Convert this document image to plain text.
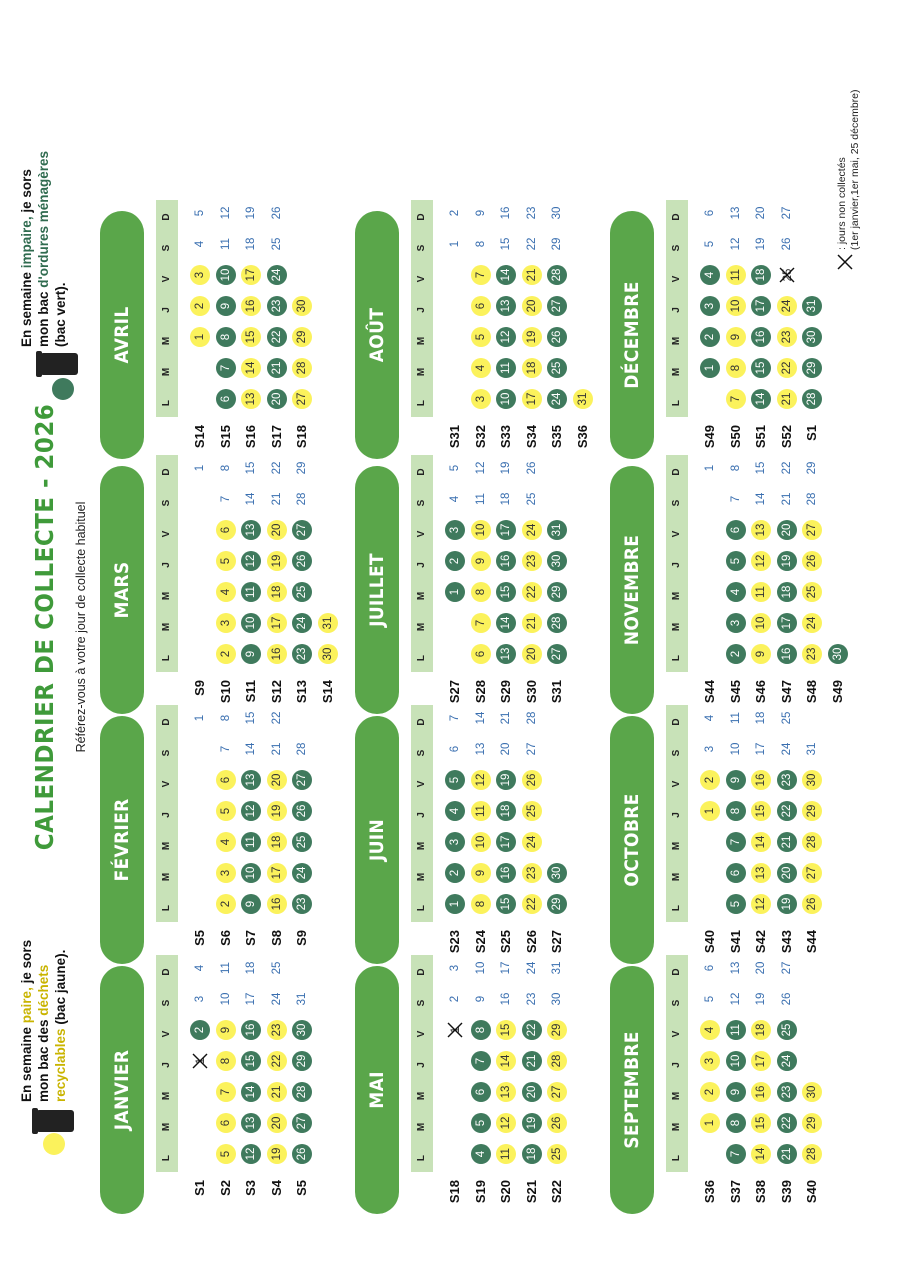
CALENDRIER DE COLLECTE - 2026 Référez-vous à votre jour de collecte habituel
En semaine paire, je sors mon bac des déchets recyclables (bac jaune).
En semaine impaire, je sors mon bac d'ordures ménagères (bac vert).
JANVIER
L
M
M
J
V
S
D
S1
1
2
3
4
S2
5
6
7
8
9
10
11
S3
12
13
14
15
16
17
18
S4
19
20
21
22
23
24
25
S5
26
27
28
29
30
31
FÉVRIER
L
M
M
J
V
S
D
S5
1
S6
2
3
4
5
6
7
8
S7
9
10
11
12
13
14
15
S8
16
17
18
19
20
21
22
S9
23
24
25
26
27
28
MARS
L
M
M
J
V
S
D
S9
1
S10
2
3
4
5
6
7
8
S11
9
10
11
12
13
14
15
S12
16
17
18
19
20
21
22
S13
23
24
25
26
27
28
29
S14
30
31
AVRIL
L
M
M
J
V
S
D
S14
1
2
3
4
5
S15
6
7
8
9
10
11
12
S16
13
14
15
16
17
18
19
S17
20
21
22
23
24
25
26
S18
27
28
29
30
MAI
L
M
M
J
V
S
D
S18
1
2
3
S19
4
5
6
7
8
9
10
S20
11
12
13
14
15
16
17
S21
18
19
20
21
22
23
24
S22
25
26
27
28
29
30
31
JUIN
L
M
M
J
V
S
D
S23
1
2
3
4
5
6
7
S24
8
9
10
11
12
13
14
S25
15
16
17
18
19
20
21
S26
22
23
24
25
26
27
28
S27
29
30
JUILLET
L
M
M
J
V
S
D
S27
1
2
3
4
5
S28
6
7
8
9
10
11
12
S29
13
14
15
16
17
18
19
S30
20
21
22
23
24
25
26
S31
27
28
29
30
31
AOÛT
L
M
M
J
V
S
D
S31
1
2
S32
3
4
5
6
7
8
9
S33
10
11
12
13
14
15
16
S34
17
18
19
20
21
22
23
S35
24
25
26
27
28
29
30
S36
31
SEPTEMBRE
L
M
M
J
V
S
D
S36
1
2
3
4
5
6
S37
7
8
9
10
11
12
13
S38
14
15
16
17
18
19
20
S39
21
22
23
24
25
26
27
S40
28
29
30
OCTOBRE
L
M
M
J
V
S
D
S40
1
2
3
4
S41
5
6
7
8
9
10
11
S42
12
13
14
15
16
17
18
S43
19
20
21
22
23
24
25
S44
26
27
28
29
30
31
NOVEMBRE
L
M
M
J
V
S
D
S44
1
S45
2
3
4
5
6
7
8
S46
9
10
11
12
13
14
15
S47
16
17
18
19
20
21
22
S48
23
24
25
26
27
28
29
S49
30
DÉCEMBRE
L
M
M
J
V
S
D
S49
1
2
3
4
5
6
S50
7
8
9
10
11
12
13
S51
14
15
16
17
18
19
20
S52
21
22
23
24
25
26
27
S1
28
29
30
31
: jours non collectés (1er janvier,1er mai, 25 décembre)
